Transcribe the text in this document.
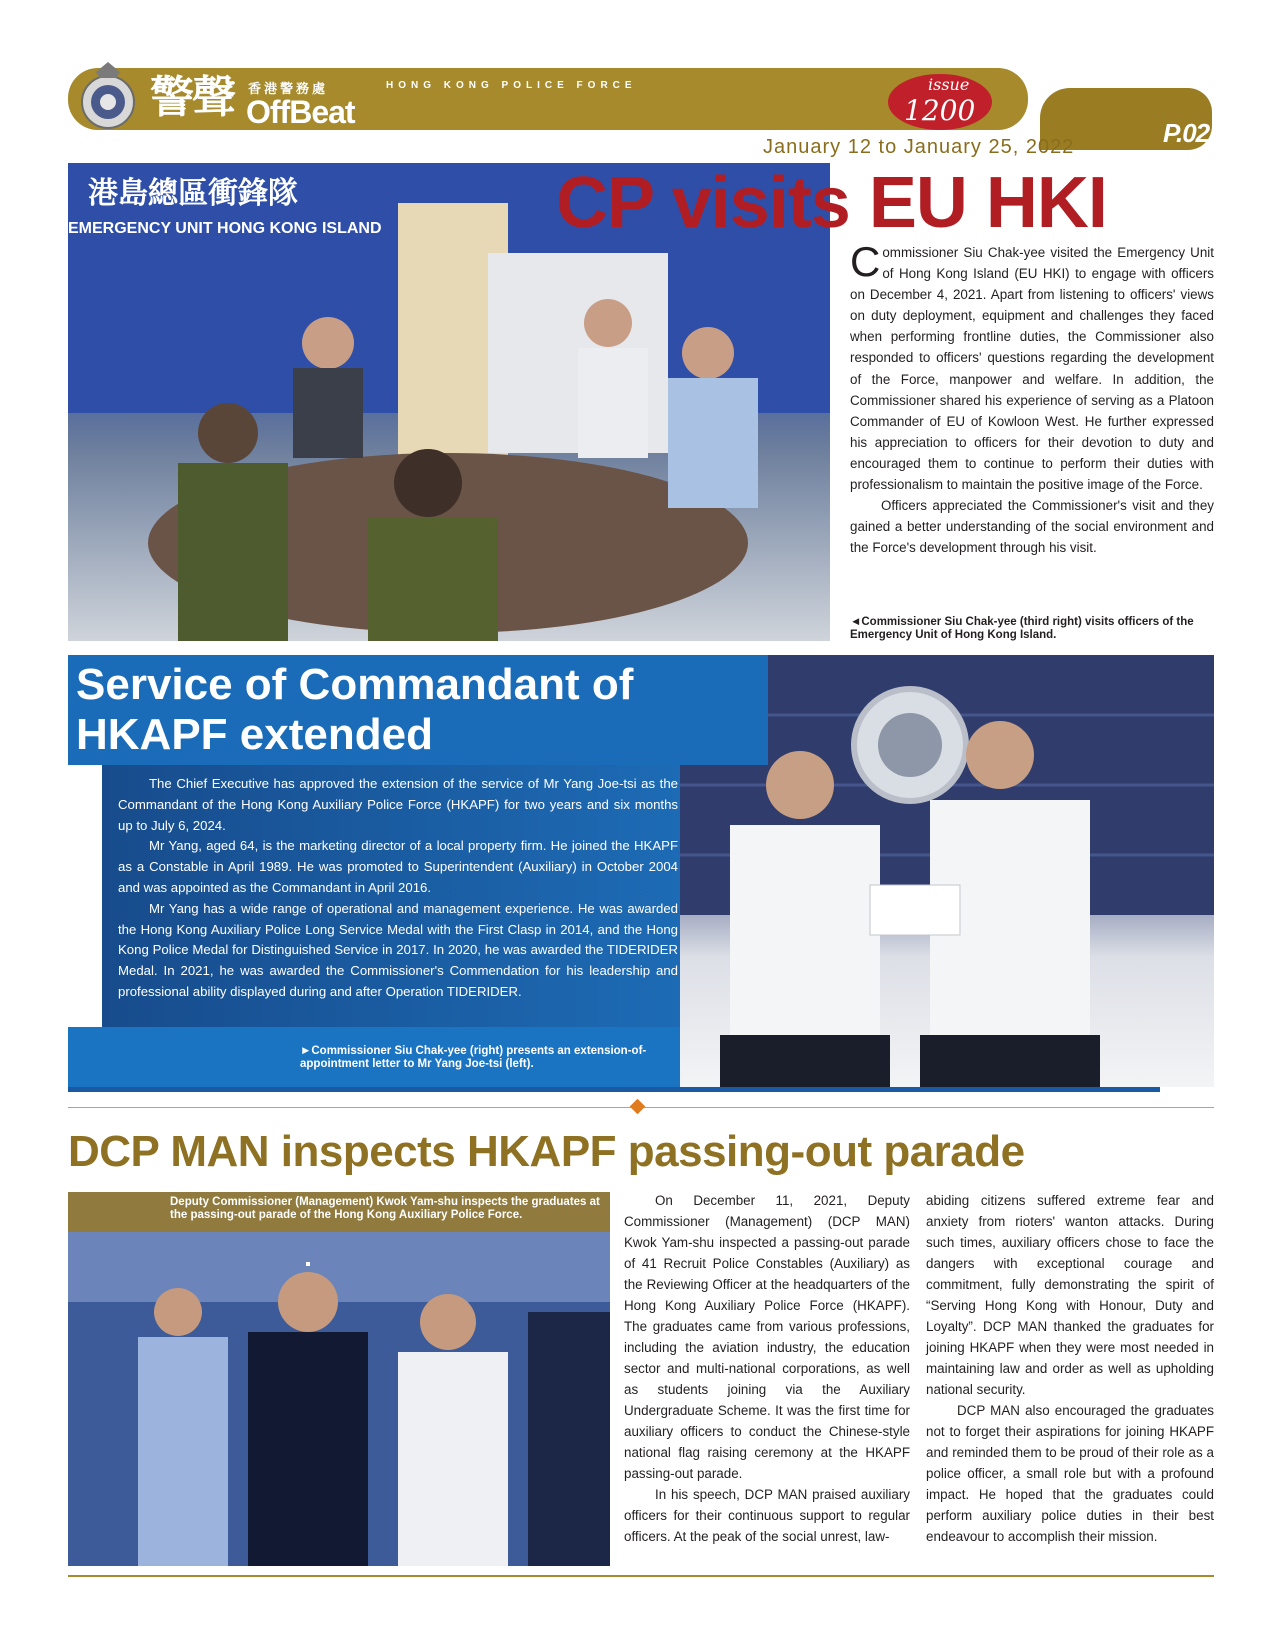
警聲 香港警務處
OffBeat
HONG KONG POLICE FORCE	issue
1200
January 12 to January 25, 2022	P.02
港島總區衝鋒隊
EMERGENCY UNIT HONG KONG ISLAND CP visits EU HKI

Commissioner Siu Chak-yee visited the Emergency Unit of Hong Kong Island (EU HKI) to engage with officers on December 4, 2021. Apart from listening to officers' views on duty deployment, equipment and challenges they faced when performing frontline duties, the Commissioner also responded to officers' questions regarding the development of the Force, manpower and welfare. In addition, the Commissioner shared his experience of serving as a Platoon Commander of EU of Kowloon West. He further expressed his appreciation to officers for their devotion to duty and encouraged them to continue to perform their duties with professionalism to maintain the positive image of the Force.

Officers appreciated the Commissioner's visit and they gained a better understanding of the social environment and the Force's development through his visit.

◄Commissioner Siu Chak-yee (third right) visits officers of the Emergency Unit of Hong Kong Island.
Service of Commandant of HKAPF extended

The Chief Executive has approved the extension of the service of Mr Yang Joe-tsi as the Commandant of the Hong Kong Auxiliary Police Force (HKAPF) for two years and six months up to July 6, 2024.

Mr Yang, aged 64, is the marketing director of a local property firm. He joined the HKAPF as a Constable in April 1989. He was promoted to Superintendent (Auxiliary) in October 2004 and was appointed as the Commandant in April 2016.

Mr Yang has a wide range of operational and management experience. He was awarded the Hong Kong Auxiliary Police Long Service Medal with the First Clasp in 2014, and the Hong Kong Police Medal for Distinguished Service in 2017. In 2020, he was awarded the TIDERIDER Medal. In 2021, he was awarded the Commissioner's Commendation for his leadership and professional ability displayed during and after Operation TIDERIDER.

►Commissioner Siu Chak-yee (right) presents an extension-of-appointment letter to Mr Yang Joe-tsi (left).
DCP MAN inspects HKAPF passing-out parade
Deputy Commissioner (Management) Kwok Yam-shu inspects the graduates at the passing-out parade of the Hong Kong Auxiliary Police Force.

On December 11, 2021, Deputy Commissioner (Management) (DCP MAN) Kwok Yam-shu inspected a passing-out parade of 41 Recruit Police Constables (Auxiliary) as the Reviewing Officer at the headquarters of the Hong Kong Auxiliary Police Force (HKAPF). The graduates came from various professions, including the aviation industry, the education sector and multi-national corporations, as well as students joining via the Auxiliary Undergraduate Scheme. It was the first time for auxiliary officers to conduct the Chinese-style national flag raising ceremony at the HKAPF passing-out parade.

In his speech, DCP MAN praised auxiliary officers for their continuous support to regular officers. At the peak of the social unrest, law-

abiding citizens suffered extreme fear and anxiety from rioters' wanton attacks. During such times, auxiliary officers chose to face the dangers with exceptional courage and commitment, fully demonstrating the spirit of “Serving Hong Kong with Honour, Duty and Loyalty”. DCP MAN thanked the graduates for joining HKAPF when they were most needed in maintaining law and order as well as upholding national security.

DCP MAN also encouraged the graduates not to forget their aspirations for joining HKAPF and reminded them to be proud of their role as a police officer, a small role but with a profound impact. He hoped that the graduates could perform auxiliary police duties in their best endeavour to accomplish their mission.
